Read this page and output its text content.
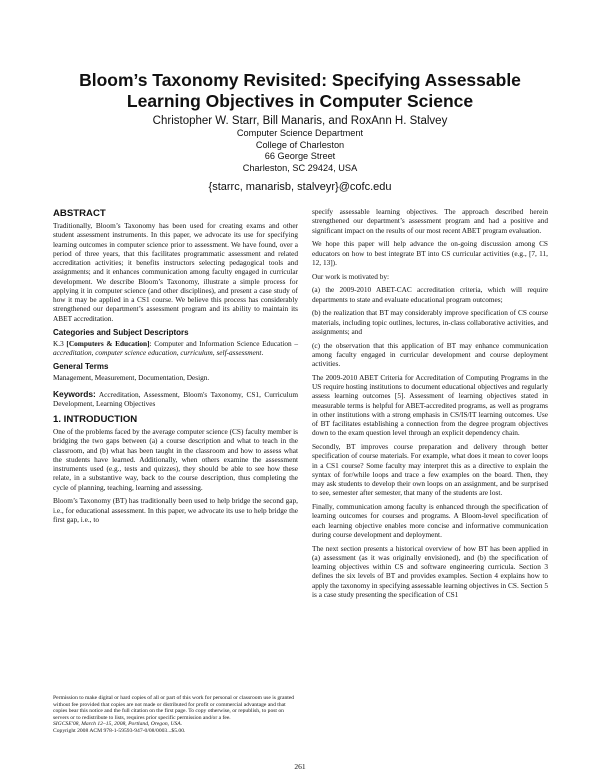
Bloom’s Taxonomy Revisited: Specifying Assessable
Learning Objectives in Computer Science
Christopher W. Starr, Bill Manaris, and RoxAnn H. Stalvey
Computer Science Department
College of Charleston
66 George Street
Charleston, SC 29424, USA
{starrc, manarisb, stalveyr}@cofc.edu
ABSTRACT

Traditionally, Bloom’s Taxonomy has been used for creating exams and other student assessment instruments. In this paper, we advocate its use for specifying learning outcomes in computer science prior to assessment. We have found, over a period of three years, that this facilitates programmatic assessment and related accreditation activities; it benefits instructors selecting pedagogical tools and assignments; and it enhances communication among faculty engaged in curricular development. We describe Bloom’s Taxonomy, illustrate a simple process for applying it in computer science (and other disciplines), and present a case study of how it may be applied in a CS1 course. We believe this process has considerably strengthened our department’s assessment program and its ability to maintain its ABET accreditation.

Categories and Subject Descriptors

K.3 [Computers & Education]: Computer and Information Science Education – accreditation, computer science education, curriculum, self-assessment.

General Terms

Management, Measurement, Documentation, Design.

Keywords: Accreditation, Assessment, Bloom's Taxonomy, CS1, Curriculum Development, Learning Objectives

1. INTRODUCTION

One of the problems faced by the average computer science (CS) faculty member is bridging the two gaps between (a) a course description and what to teach in the classroom, and (b) what has been taught in the classroom and how to assess what the students have learned. Additionally, when others examine the assessment instruments used (e.g., tests and quizzes), they should be able to see how these relate, in a substantive way, back to the course description, thus completing the cycle of planning, teaching, learning and assessing.

Bloom’s Taxonomy (BT) has traditionally been used to help bridge the second gap, i.e., for educational assessment. In this paper, we advocate its use to help bridge the first gap, i.e., to

Permission to make digital or hard copies of all or part of this work for personal or classroom use is granted without fee provided that copies are not made or distributed for profit or commercial advantage and that copies bear this notice and the full citation on the first page. To copy otherwise, or republish, to post on servers or to redistribute to lists, requires prior specific permission and/or a fee.
SIGCSE'08, March 12–15, 2008, Portland, Oregon, USA.
Copyright 2008 ACM 978-1-59593-947-0/08/0003...$5.00.

specify assessable learning objectives. The approach described herein strengthened our department’s assessment program and had a positive and significant impact on the results of our most recent ABET program evaluation.

We hope this paper will help advance the on-going discussion among CS educators on how to best integrate BT into CS curricular activities (e.g., [7, 11, 12, 13]).

Our work is motivated by:

(a) the 2009-2010 ABET-CAC accreditation criteria, which will require departments to state and evaluate educational program outcomes;

(b) the realization that BT may considerably improve specification of CS course materials, including topic outlines, lectures, in-class collaborative activities, and assignments; and

(c) the observation that this application of BT may enhance communication among faculty engaged in curricular development and course deployment activities.

The 2009-2010 ABET Criteria for Accreditation of Computing Programs in the US require hosting institutions to document educational objectives and regularly assess learning outcomes [5]. Assessment of learning objectives stated in measurable terms is helpful for ABET-accredited programs, as well as programs in other institutions with a strong emphasis in CS/IS/IT learning outcomes. Use of BT facilitates establishing a connection from the degree program objectives down to the exam question level through an explicit dependency chain.

Secondly, BT improves course preparation and delivery through better specification of course materials. For example, what does it mean to cover loops in a CS1 course? Some faculty may interpret this as a directive to explain the syntax of for/while loops and trace a few examples on the board. Then, they may ask students to develop their own loops on an assignment, and be surprised to see, semester after semester, that many of the students are lost.

Finally, communication among faculty is enhanced through the specification of learning outcomes for courses and programs. A Bloom-level specification of each learning objective enables more concise and informative communication during course development and deployment.

The next section presents a historical overview of how BT has been applied in (a) assessment (as it was originally envisioned), and (b) the specification of learning objectives within CS and software engineering curricula. Section 3 defines the six levels of BT and provides examples. Section 4 explains how to apply the taxonomy in specifying assessable learning objectives in CS. Section 5 is a case study presenting the specification of CS1

261
